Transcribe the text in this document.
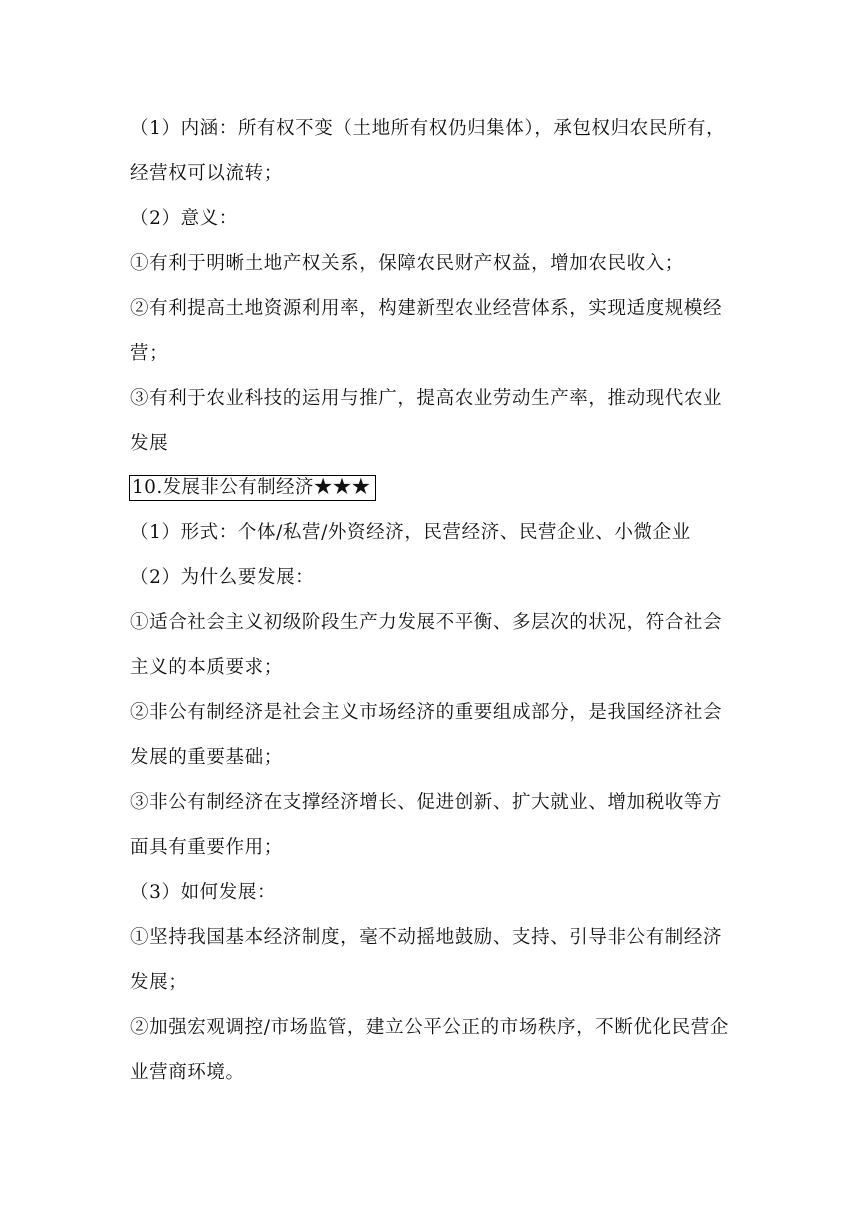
（1）内涵：所有权不变（土地所有权仍归集体），承包权归农民所有，
经营权可以流转；
（2）意义：
①有利于明晰土地产权关系，保障农民财产权益，增加农民收入；
②有利提高土地资源利用率，构建新型农业经营体系，实现适度规模经
营；
③有利于农业科技的运用与推广，提高农业劳动生产率，推动现代农业
发展
10.发展非公有制经济★★★
（1）形式：个体/私营/外资经济，民营经济、民营企业、小微企业
（2）为什么要发展：
①适合社会主义初级阶段生产力发展不平衡、多层次的状况，符合社会
主义的本质要求；
②非公有制经济是社会主义市场经济的重要组成部分，是我国经济社会
发展的重要基础；
③非公有制经济在支撑经济增长、促进创新、扩大就业、增加税收等方
面具有重要作用；
（3）如何发展：
①坚持我国基本经济制度，毫不动摇地鼓励、支持、引导非公有制经济
发展；
②加强宏观调控/市场监管，建立公平公正的市场秩序，不断优化民营企
业营商环境。
